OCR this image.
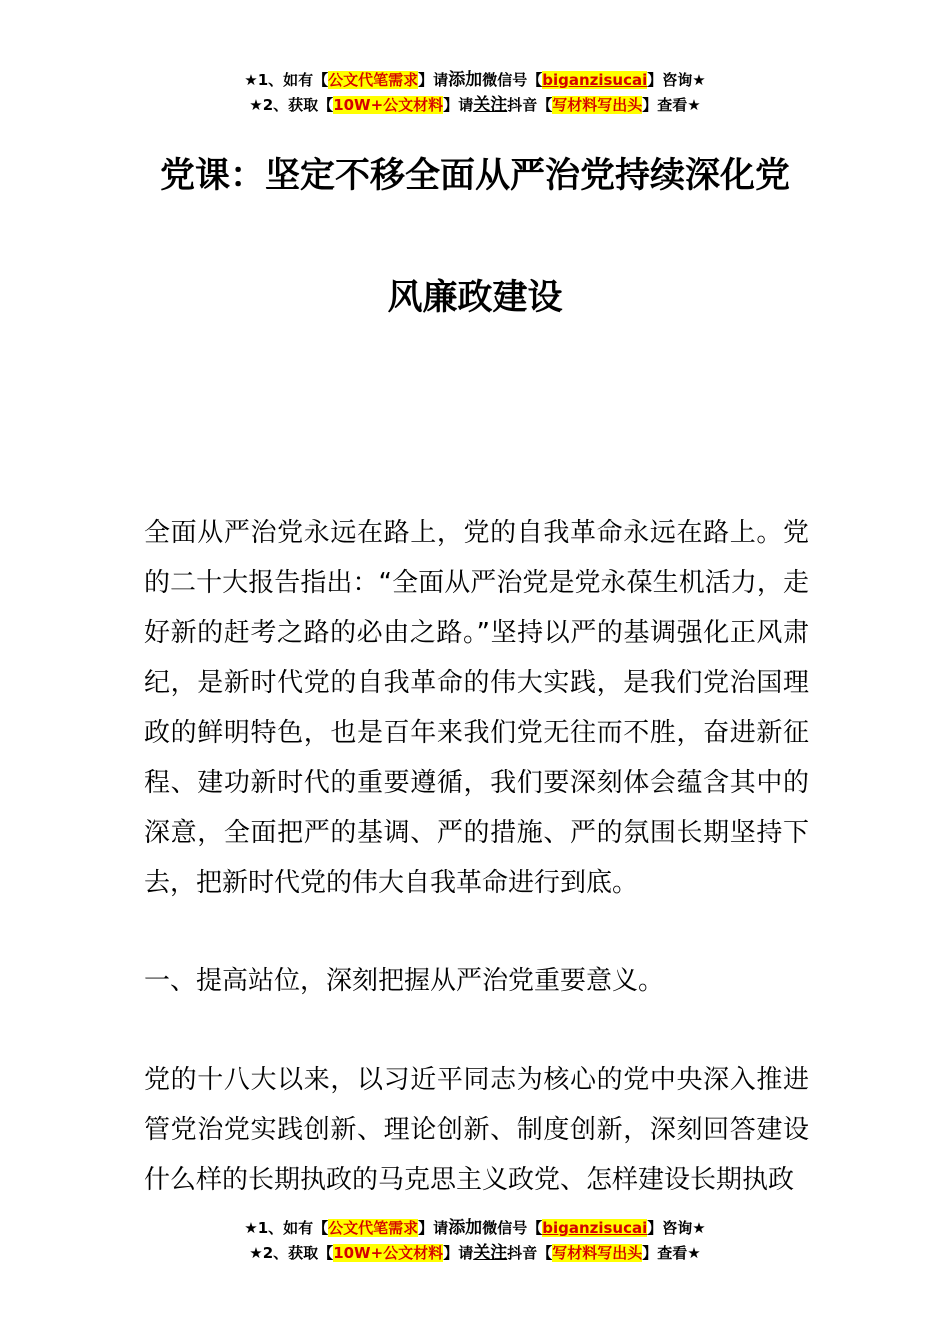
★1、如有【公文代笔需求】请添加微信号【biganzisucai】咨询★
★2、获取【10W+公文材料】请关注抖音【写材料写出头】查看★
党课：坚定不移全面从严治党持续深化党
风廉政建设
全面从严治党永远在路上，党的自我革命永远在路上。党的二十大报告指出：“全面从严治党是党永葆生机活力，走好新的赶考之路的必由之路。”坚持以严的基调强化正风肃纪，是新时代党的自我革命的伟大实践，是我们党治国理政的鲜明特色，也是百年来我们党无往而不胜，奋进新征程、建功新时代的重要遵循，我们要深刻体会蕴含其中的深意，全面把严的基调、严的措施、严的氛围长期坚持下去，把新时代党的伟大自我革命进行到底。
一、提高站位，深刻把握从严治党重要意义。
党的十八大以来，以习近平同志为核心的党中央深入推进管党治党实践创新、理论创新、制度创新，深刻回答建设什么样的长期执政的马克思主义政党、怎样建设长期执政
★1、如有【公文代笔需求】请添加微信号【biganzisucai】咨询★
★2、获取【10W+公文材料】请关注抖音【写材料写出头】查看★
